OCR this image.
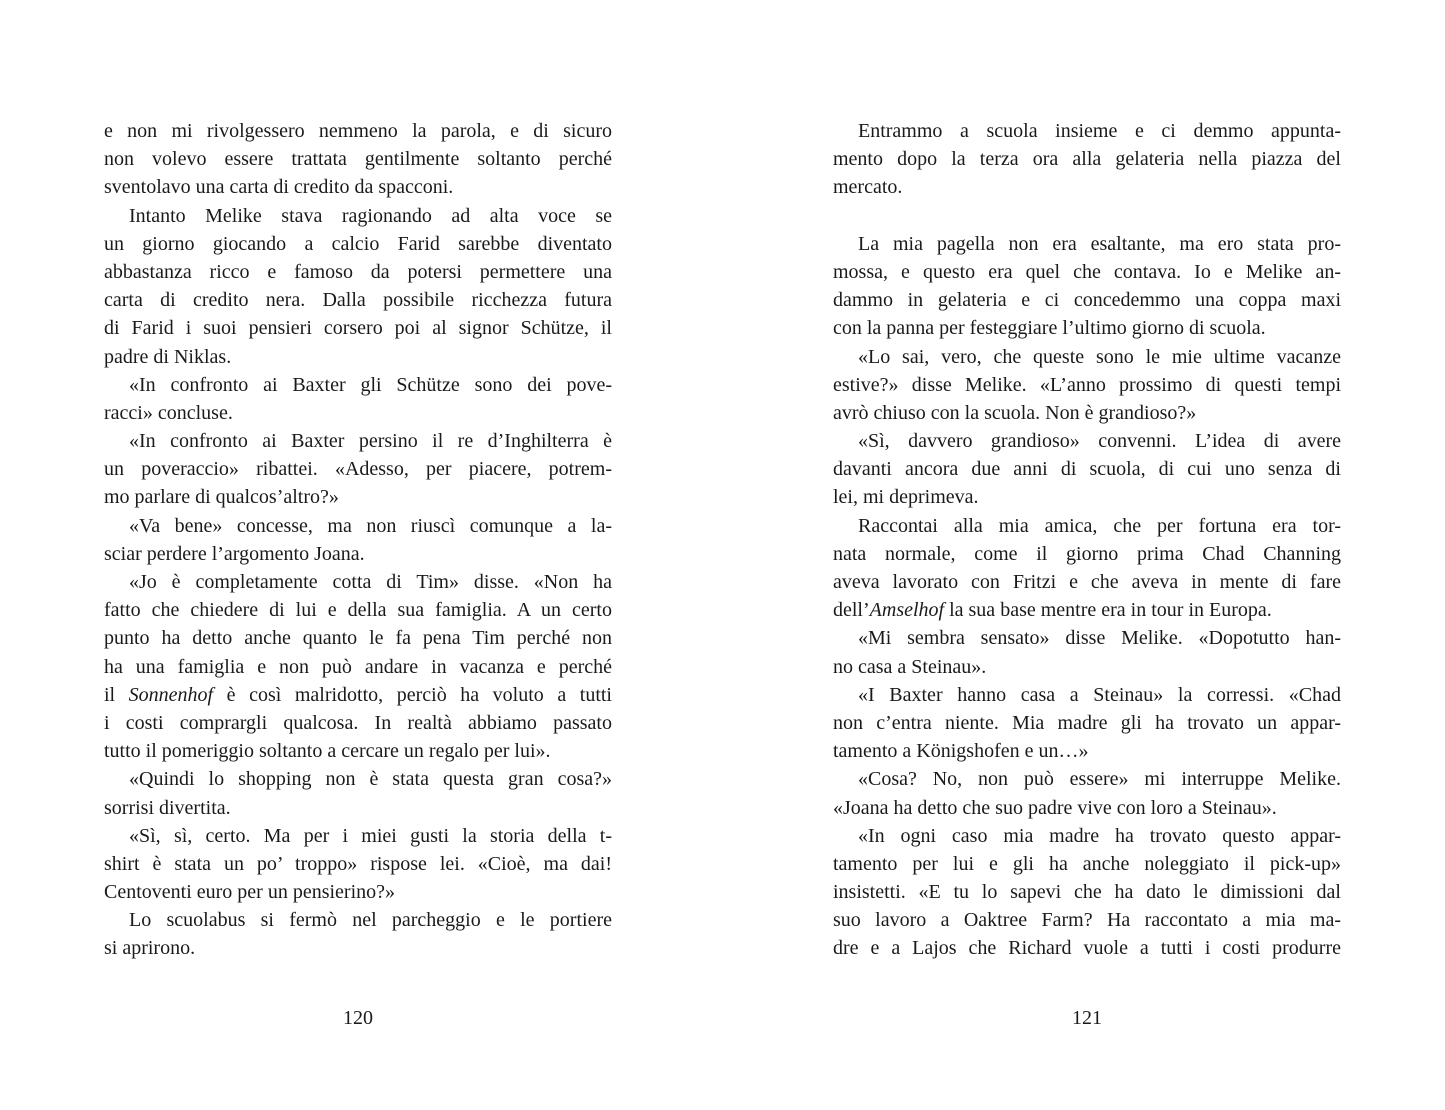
e non mi rivolgessero nemmeno la parola, e di sicuro
non volevo essere trattata gentilmente soltanto perché
sventolavo una carta di credito da spacconi.
Intanto Melike stava ragionando ad alta voce se
un giorno giocando a calcio Farid sarebbe diventato
abbastanza ricco e famoso da potersi permettere una
carta di credito nera. Dalla possibile ricchezza futura
di Farid i suoi pensieri corsero poi al signor Schütze, il
padre di Niklas.
«In confronto ai Baxter gli Schütze sono dei pove-
racci» concluse.
«In confronto ai Baxter persino il re d’Inghilterra è
un poveraccio» ribattei. «Adesso, per piacere, potrem-
mo parlare di qualcos’altro?»
«Va bene» concesse, ma non riuscì comunque a la-
sciar perdere l’argomento Joana.
«Jo è completamente cotta di Tim» disse. «Non ha
fatto che chiedere di lui e della sua famiglia. A un certo
punto ha detto anche quanto le fa pena Tim perché non
ha una famiglia e non può andare in vacanza e perché
il Sonnenhof è così malridotto, perciò ha voluto a tutti
i costi comprargli qualcosa. In realtà abbiamo passato
tutto il pomeriggio soltanto a cercare un regalo per lui».
«Quindi lo shopping non è stata questa gran cosa?»
sorrisi divertita.
«Sì, sì, certo. Ma per i miei gusti la storia della t-
shirt è stata un po’ troppo» rispose lei. «Cioè, ma dai!
Centoventi euro per un pensierino?»
Lo scuolabus si fermò nel parcheggio e le portiere
si aprirono.
120
Entrammo a scuola insieme e ci demmo appunta-
mento dopo la terza ora alla gelateria nella piazza del
mercato.

La mia pagella non era esaltante, ma ero stata pro-
mossa, e questo era quel che contava. Io e Melike an-
dammo in gelateria e ci concedemmo una coppa maxi
con la panna per festeggiare l’ultimo giorno di scuola.
«Lo sai, vero, che queste sono le mie ultime vacanze
estive?» disse Melike. «L’anno prossimo di questi tempi
avrò chiuso con la scuola. Non è grandioso?»
«Sì, davvero grandioso» convenni. L’idea di avere
davanti ancora due anni di scuola, di cui uno senza di
lei, mi deprimeva.
Raccontai alla mia amica, che per fortuna era tor-
nata normale, come il giorno prima Chad Channing
aveva lavorato con Fritzi e che aveva in mente di fare
dell’Amselhof la sua base mentre era in tour in Europa.
«Mi sembra sensato» disse Melike. «Dopotutto han-
no casa a Steinau».
«I Baxter hanno casa a Steinau» la corressi. «Chad
non c’entra niente. Mia madre gli ha trovato un appar-
tamento a Königshofen e un…»
«Cosa? No, non può essere» mi interruppe Melike.
«Joana ha detto che suo padre vive con loro a Steinau».
«In ogni caso mia madre ha trovato questo appar-
tamento per lui e gli ha anche noleggiato il pick-up»
insistetti. «E tu lo sapevi che ha dato le dimissioni dal
suo lavoro a Oaktree Farm? Ha raccontato a mia ma-
dre e a Lajos che Richard vuole a tutti i costi produrre
121
